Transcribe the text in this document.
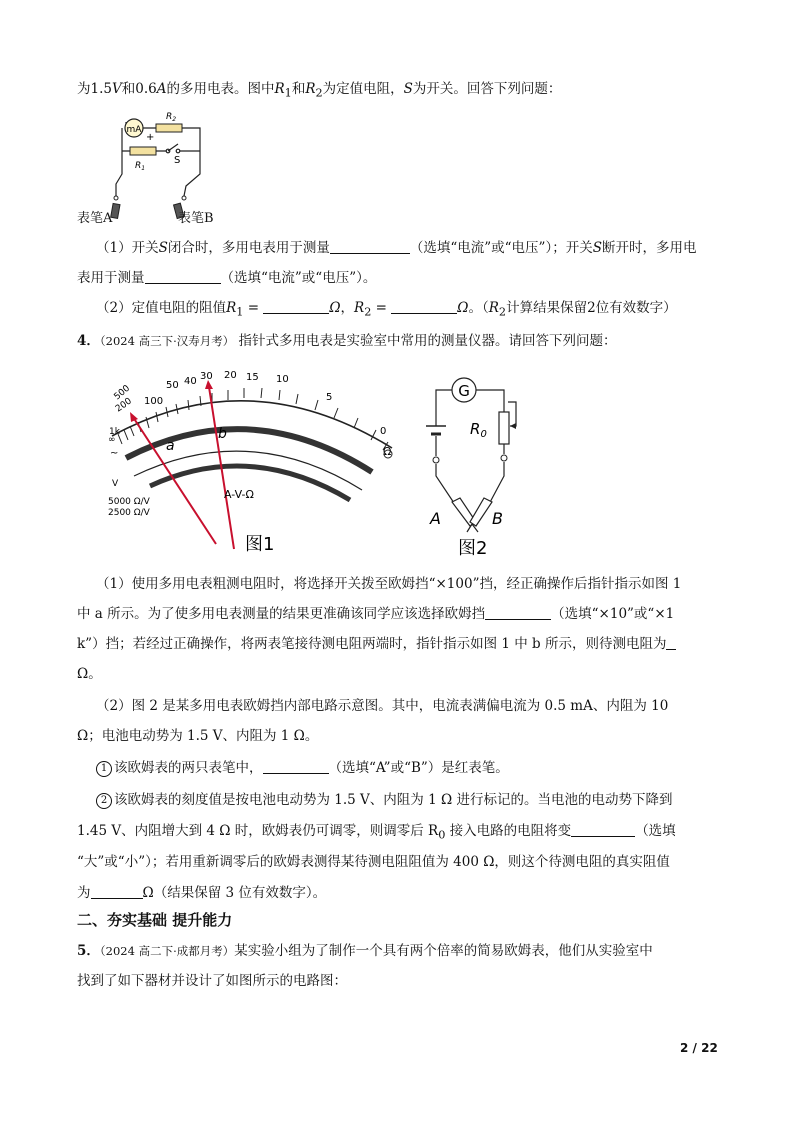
为1.5V和0.6A的多用电表。图中$R_1$和$R_2$为定值电阻，S为开关。回答下列问题：
mA
+
$R_2$
$R_1$
S
表笔A	表笔B
（1）开关S闭合时，多用电表用于测量	（选填“电流”或“电压”）；开关S断开时，多用电
表用于测量	（选填“电流”或“电压”）。
（2）定值电阻的阻值$R_1$ =	Ω，$R_2$ =	Ω。（$R_2$计算结果保留2位有效数字）
4．（2024 高三下·汉寿月考） 指针式多用电表是实验室中常用的测量仪器。请回答下列问题：
1k
500
200 100
50 40 30 20 15 10
5
0
∞	a
b
Ω
~
V
A-V-Ω
5000 Ω/V
2500 Ω/V
图1
G
$R_0$
A	B
图2
（1）使用多用电表粗测电阻时，将选择开关拨至欧姆挡“×100”挡，经正确操作后指针指示如图 1
中 a 所示。为了使多用电表测量的结果更准确该同学应该选择欧姆挡	（选填“×10”或“×1
k”）挡；若经过正确操作，将两表笔接待测电阻两端时，指针指示如图 1 中 b 所示，则待测电阻为
Ω。
（2）图 2 是某多用电表欧姆挡内部电路示意图。其中，电流表满偏电流为 0.5 mA、内阻为 10
Ω；电池电动势为 1.5 V、内阻为 1 Ω。
1 该欧姆表的两只表笔中，	（选填“A”或“B”）是红表笔。
2 该欧姆表的刻度值是按电池电动势为 1.5 V、内阻为 1 Ω 进行标记的。当电池的电动势下降到
1.45 V、内阻增大到 4 Ω 时，欧姆表仍可调零，则调零后 $R_0$ 接入电路的电阻将变	（选填
“大”或“小”）；若用重新调零后的欧姆表测得某待测电阻阻值为 400 Ω，则这个待测电阻的真实阻值
为	Ω（结果保留 3 位有效数字）。
二、夯实基础 提升能力
5．（2024 高二下·成都月考）某实验小组为了制作一个具有两个倍率的简易欧姆表，他们从实验室中
找到了如下器材并设计了如图所示的电路图：
2 / 22
